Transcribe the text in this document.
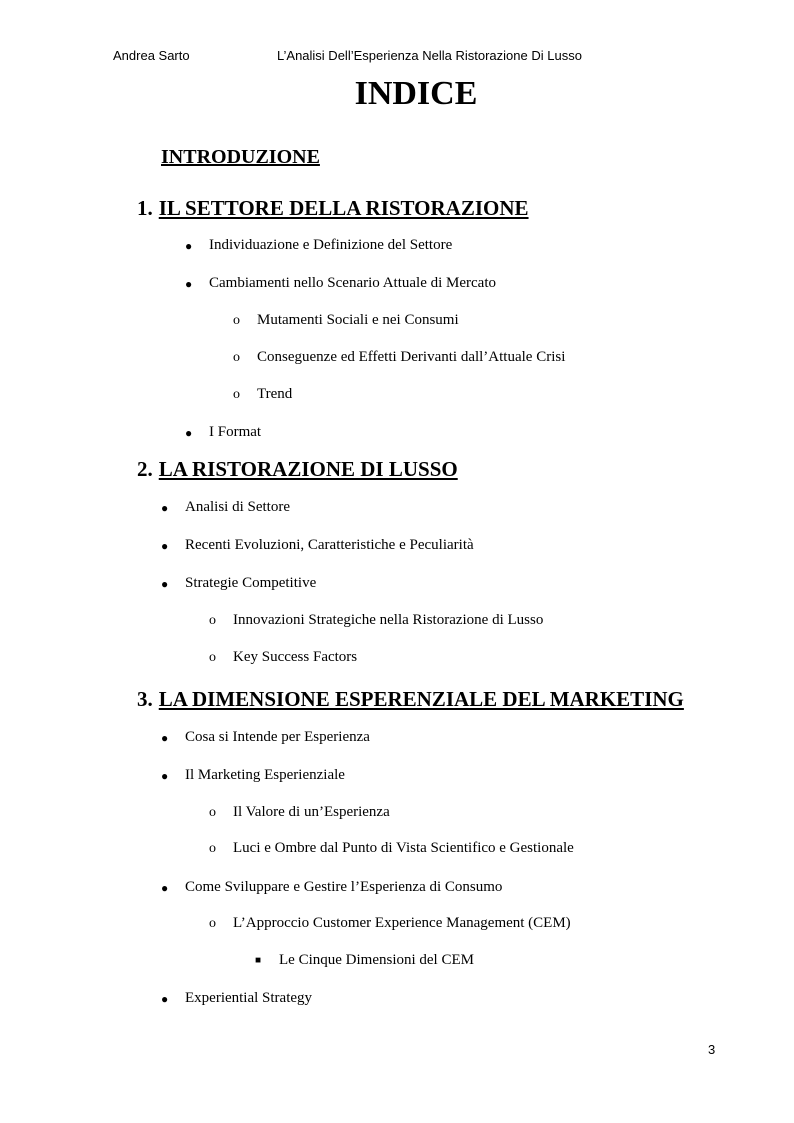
Andrea Sarto	L’Analisi Dell’Esperienza Nella Ristorazione Di Lusso
INDICE
INTRODUZIONE
1. IL SETTORE DELLA RISTORAZIONE
● Individuazione e Definizione del Settore
● Cambiamenti nello Scenario Attuale di Mercato
o Mutamenti Sociali e nei Consumi
o Conseguenze ed Effetti Derivanti dall’Attuale Crisi
o Trend
● I Format
2. LA RISTORAZIONE DI LUSSO
● Analisi di Settore
● Recenti Evoluzioni, Caratteristiche e Peculiarità
● Strategie Competitive
o Innovazioni Strategiche nella Ristorazione di Lusso
o Key Success Factors
3. LA DIMENSIONE ESPERENZIALE DEL MARKETING
● Cosa si Intende per Esperienza
● Il Marketing Esperienziale
o Il Valore di un’Esperienza
o Luci e Ombre dal Punto di Vista Scientifico e Gestionale
● Come Sviluppare e Gestire l’Esperienza di Consumo
o L’Approccio Customer Experience Management (CEM)
■ Le Cinque Dimensioni del CEM
● Experiential Strategy
3
